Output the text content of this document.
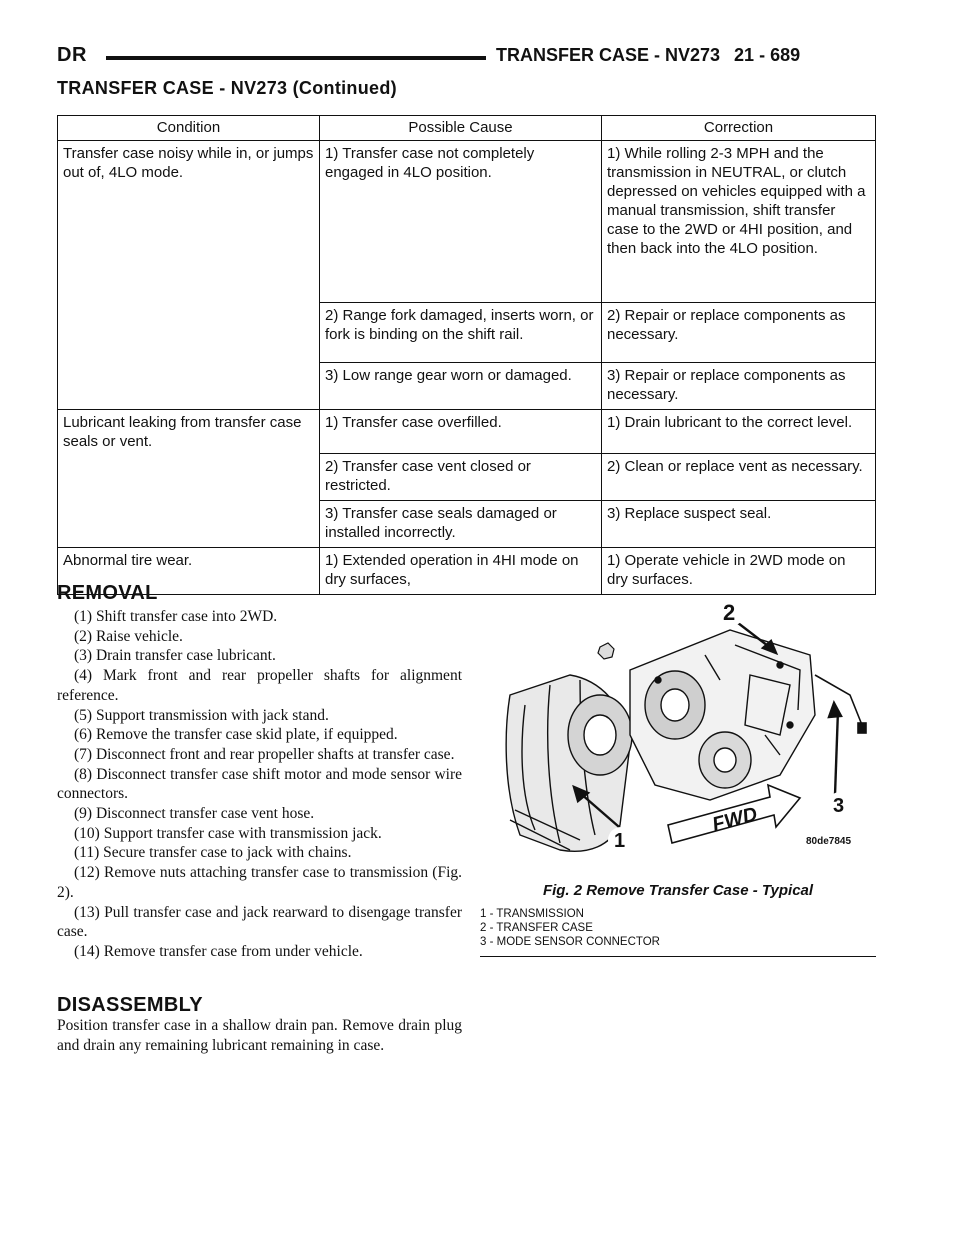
DR	TRANSFER CASE - NV273 21 - 689
TRANSFER CASE - NV273 (Continued)
Condition	Possible Cause	Correction
Transfer case noisy while in, or jumps out of, 4LO mode.	1) Transfer case not completely engaged in 4LO position.	1) While rolling 2-3 MPH and the transmission in NEUTRAL, or clutch depressed on vehicles equipped with a manual transmission, shift transfer case to the 2WD or 4HI position, and then back into the 4LO position.
	2) Range fork damaged, inserts worn, or fork is binding on the shift rail.	2) Repair or replace components as necessary.
	3) Low range gear worn or damaged.	3) Repair or replace components as necessary.
Lubricant leaking from transfer case seals or vent.	1) Transfer case overfilled.	1) Drain lubricant to the correct level.
	2) Transfer case vent closed or restricted.	2) Clean or replace vent as necessary.
	3) Transfer case seals damaged or installed incorrectly.	3) Replace suspect seal.
Abnormal tire wear.	1) Extended operation in 4HI mode on dry surfaces,	1) Operate vehicle in 2WD mode on dry surfaces.
REMOVAL

(1) Shift transfer case into 2WD.

(2) Raise vehicle.

(3) Drain transfer case lubricant.

(4) Mark front and rear propeller shafts for alignment reference.

(5) Support transmission with jack stand.

(6) Remove the transfer case skid plate, if equipped.

(7) Disconnect front and rear propeller shafts at transfer case.

(8) Disconnect transfer case shift motor and mode sensor wire connectors.

(9) Disconnect transfer case vent hose.

(10) Support transfer case with transmission jack.

(11) Secure transfer case to jack with chains.

(12) Remove nuts attaching transfer case to transmission (Fig. 2).

(13) Pull transfer case and jack rearward to disengage transfer case.

(14) Remove transfer case from under vehicle.

DISASSEMBLY

Position transfer case in a shallow drain pan. Remove drain plug and drain any remaining lubricant remaining in case.

FWD
2
3
1	80de7845
Fig. 2 Remove Transfer Case - Typical
1 - TRANSMISSION
2 - TRANSFER CASE
3 - MODE SENSOR CONNECTOR
